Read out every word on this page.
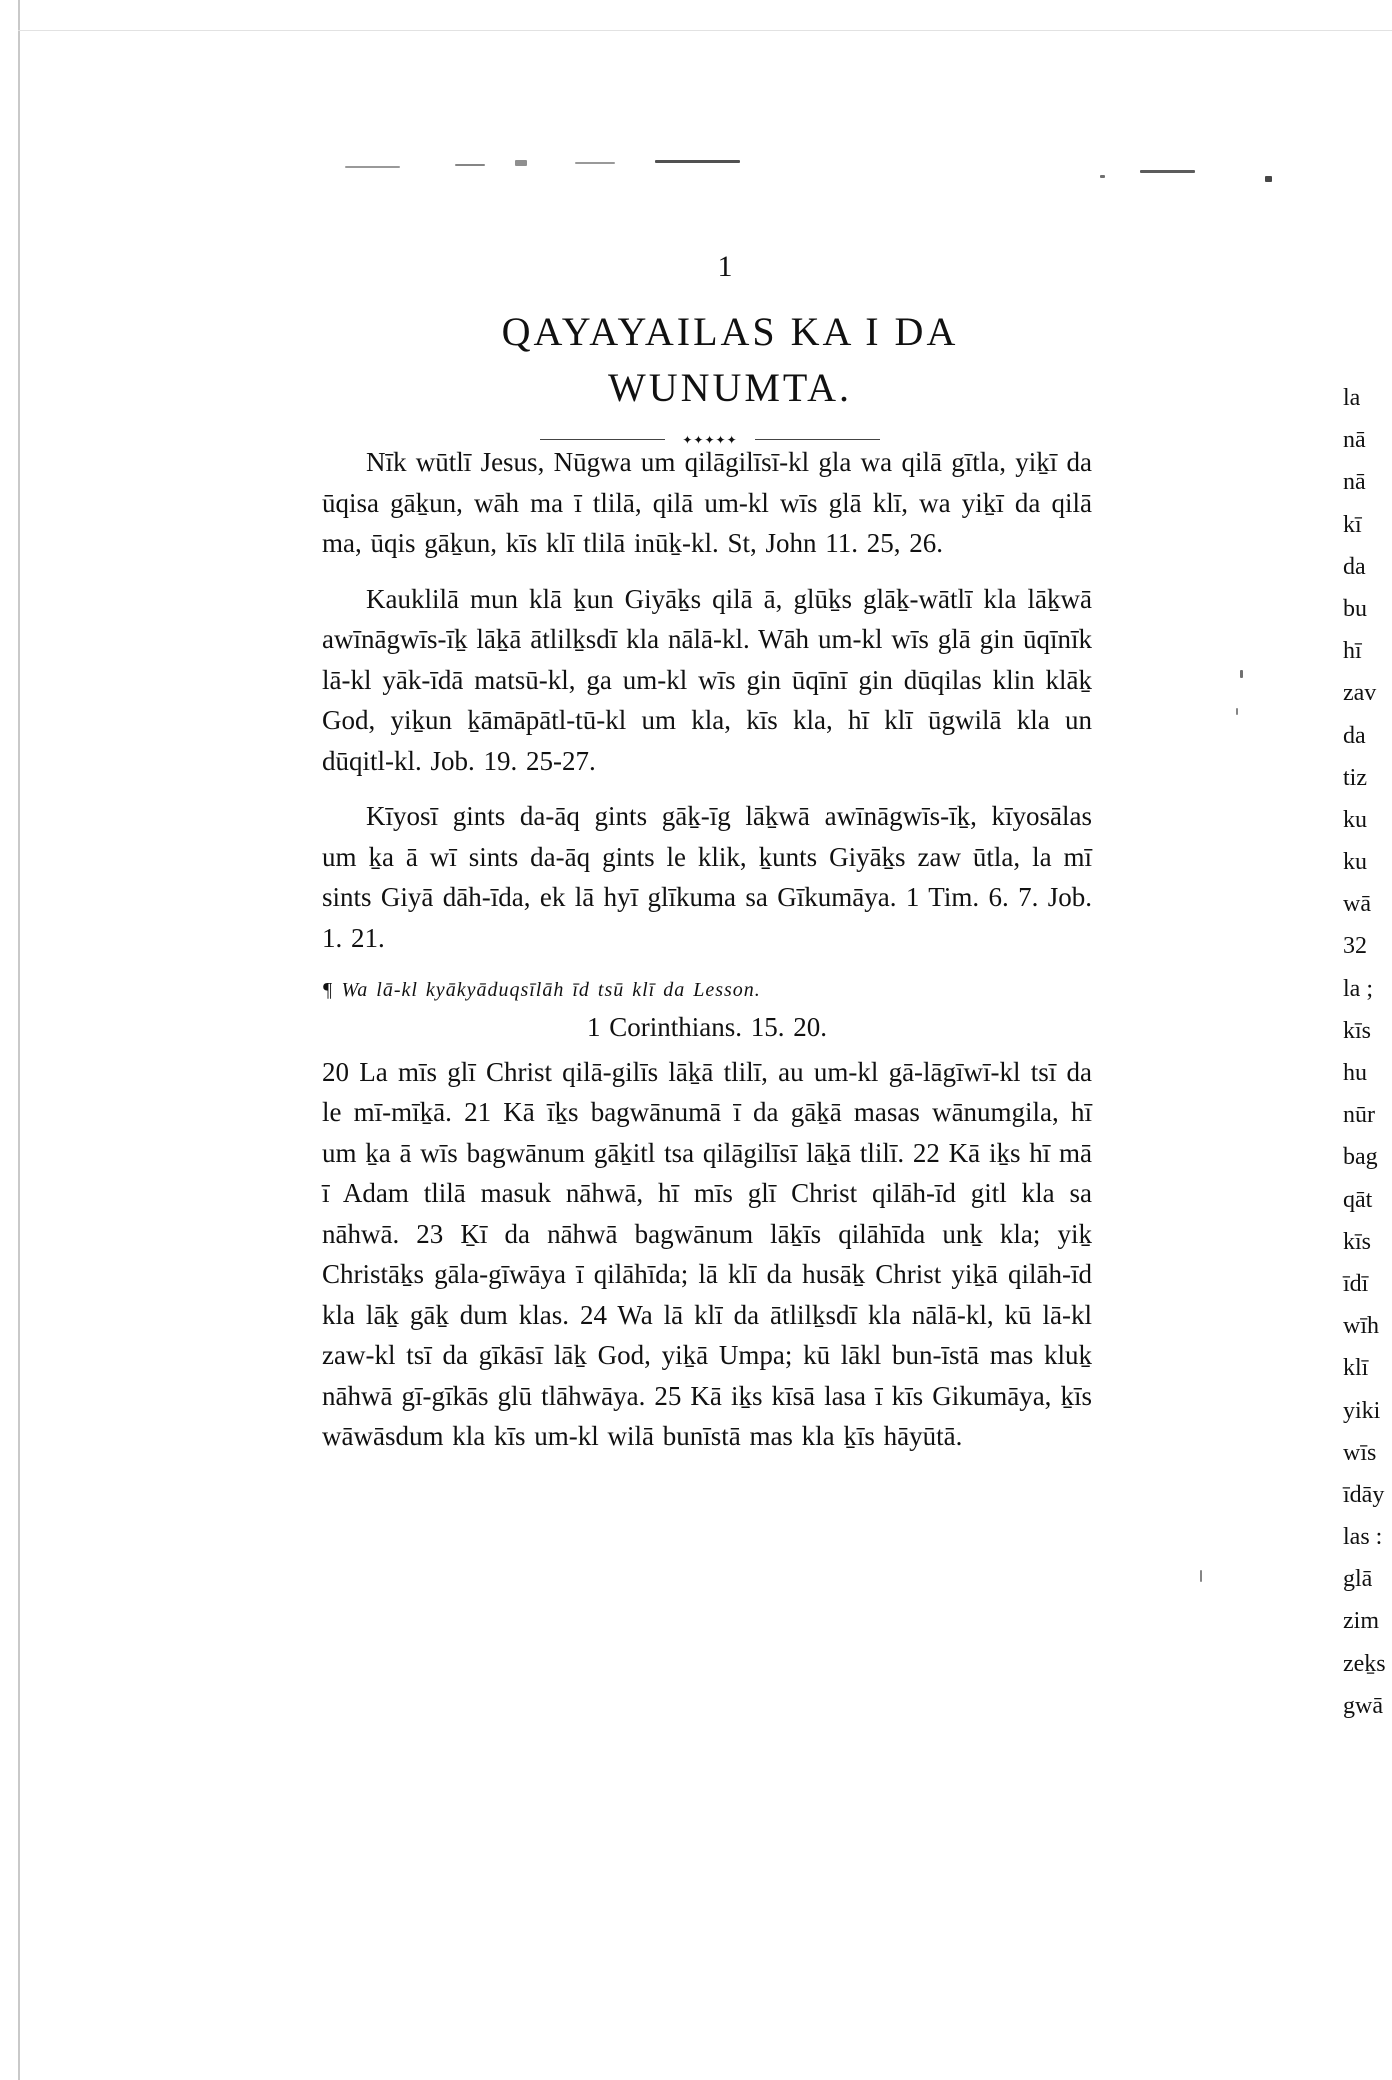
1
QAYAYAILAS KA I DA
WUNUMTA.
✦✦✦✦✦

Nīk wūtlī Jesus, Nūgwa um qilāgilīsī-kl gla wa qilā gītla, yiḵī da ūqisa gāḵun, wāh ma ī tlilā, qilā um-kl wīs glā klī, wa yiḵī da qilā ma, ūqis gāḵun, kīs klī tlilā inūḵ-kl. St, John 11. 25, 26.

Kauklilā mun klā ḵun Giyāḵs qilā ā, glūḵs glāḵ-wātlī kla lāḵwā awīnāgwīs-īḵ lāḵā ātlilḵsdī kla nālā-kl. Wāh um-kl wīs glā gin ūqīnīk lā-kl yāk-īdā matsū-kl, ga um-kl wīs gin ūqīnī gin dūqilas klin klāḵ God, yiḵun ḵāmāpātl-tū-kl um kla, kīs kla, hī klī ūgwilā kla un dūqitl-kl. Job. 19. 25-27.

Kīyosī gints da-āq gints gāḵ-īg lāḵwā awīnāgwīs-īḵ, kīyosālas um ḵa ā wī sints da-āq gints le klik, ḵunts Giyāḵs zaw ūtla, la mī sints Giyā dāh-īda, ek lā hyī glīkuma sa Gīkumāya. 1 Tim. 6. 7. Job. 1. 21.

¶ Wa lā-kl kyākyāduqsīlāh īd tsū klī da Lesson.

1 Corinthians. 15. 20.

20 La mīs glī Christ qilā-gilīs lāḵā tlilī, au um-kl gā-lāgīwī-kl tsī da le mī-mīḵā. 21 Kā īḵs bagwānumā ī da gāḵā masas wānumgila, hī um ḵa ā wīs bagwānum gāḵitl tsa qilāgilīsī lāḵā tlilī. 22 Kā iḵs hī mā ī Adam tlilā masuk nāhwā, hī mīs glī Christ qilāh-īd gitl kla sa nāhwā. 23 Ḵī da nāhwā bagwānum lāḵīs qilāhīda unḵ kla; yiḵ Christāḵs gāla-gīwāya ī qilāhīda; lā klī da husāḵ Christ yiḵā qilāh-īd kla lāḵ gāḵ dum klas. 24 Wa lā klī da ātlilḵsdī kla nālā-kl, kū lā-kl zaw-kl tsī da gīkāsī lāḵ God, yiḵā Umpa; kū lākl bun-īstā mas kluḵ nāhwā gī-gīkās glū tlāhwāya. 25 Kā iḵs kīsā lasa ī kīs Gikumāya, ḵīs wāwāsdum kla kīs um-kl wilā bunīstā mas kla ḵīs hāyūtā.

la
nā
nā
kī
da
bu
hī
zav
da
tiz
ku
ku
wā
32
la ;
kīs
hu
nūr
bag
qāt
kīs
īdī
wīh
klī
yiki
wīs
īdāy
las :
glā
zim
zeḵs
gwā
